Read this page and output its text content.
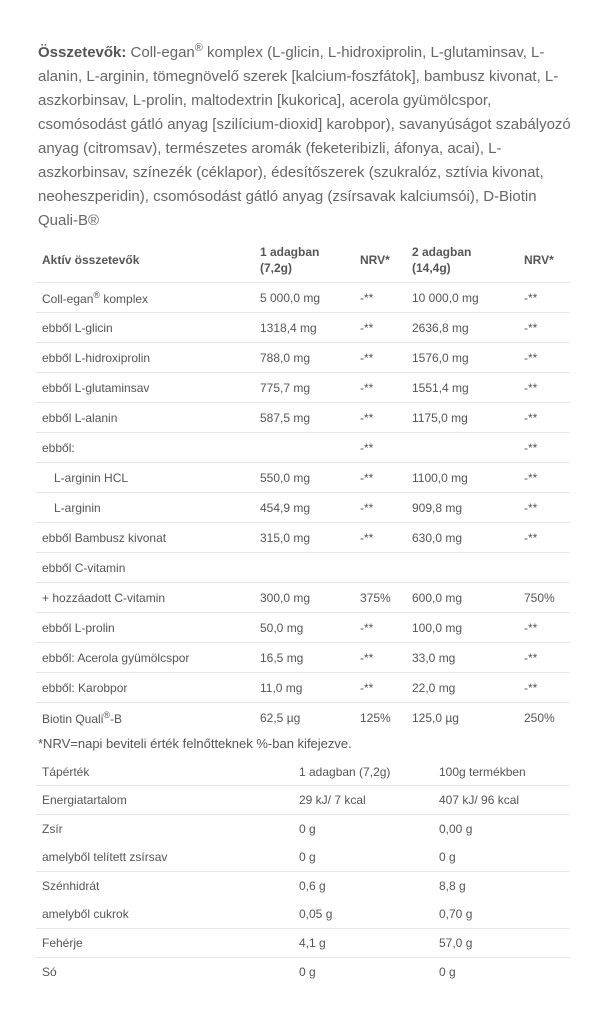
Összetevők: Coll-egan® komplex (L-glicin, L-hidroxiprolin, L-glutaminsav, L-alanin, L-arginin, tömegnövelő szerek [kalcium-foszfátok], bambusz kivonat, L-aszkorbinsav, L-prolin, maltodextrin [kukorica], acerola gyümölcspor, csomósodást gátló anyag [szilícium-dioxid] karobpor), savanyúságot szabályozó anyag (citromsav), természetes aromák (feketeribizli, áfonya, acai), L-aszkorbinsav, színezék (céklapor), édesítőszerek (szukralóz, sztívia kivonat, neoheszperidin), csomósodást gátló anyag (zsírsavak kalciumsói), D-Biotin Quali-B®
Aktív összetevők	1 adagban (7,2g)	NRV*	2 adagban (14,4g)	NRV*
Coll-egan® komplex	5 000,0 mg	-**	10 000,0 mg	-**
ebből L-glicin	1318,4 mg	-**	2636,8 mg	-**
ebből L-hidroxiprolin	788,0 mg	-**	1576,0 mg	-**
ebből L-glutaminsav	775,7 mg	-**	1551,4 mg	-**
ebből L-alanin	587,5 mg	-**	1175,0 mg	-**
ebből:		-**		-**
L-arginin HCL	550,0 mg	-**	1100,0 mg	-**
L-arginin	454,9 mg	-**	909,8 mg	-**
ebből Bambusz kivonat	315,0 mg	-**	630,0 mg	-**
ebből C-vitamin				
+ hozzáadott C-vitamin	300,0 mg	375%	600,0 mg	750%
ebből L-prolin	50,0 mg	-**	100,0 mg	-**
ebből: Acerola gyümölcspor	16,5 mg	-**	33,0 mg	-**
ebből: Karobpor	11,0 mg	-**	22,0 mg	-**
Biotin Quali®-B	62,5 µg	125%	125,0 µg	250%
*NRV=napi beviteli érték felnőtteknek %-ban kifejezve.
Tápérték	1 adagban (7,2g)	100g termékben
Energiatartalom	29 kJ/ 7 kcal	407 kJ/ 96 kcal
Zsír	0 g	0,00 g
amelyből telített zsírsav	0 g	0 g
Szénhidrát	0,6 g	8,8 g
amelyből cukrok	0,05 g	0,70 g
Fehérje	4,1 g	57,0 g
Só	0 g	0 g
